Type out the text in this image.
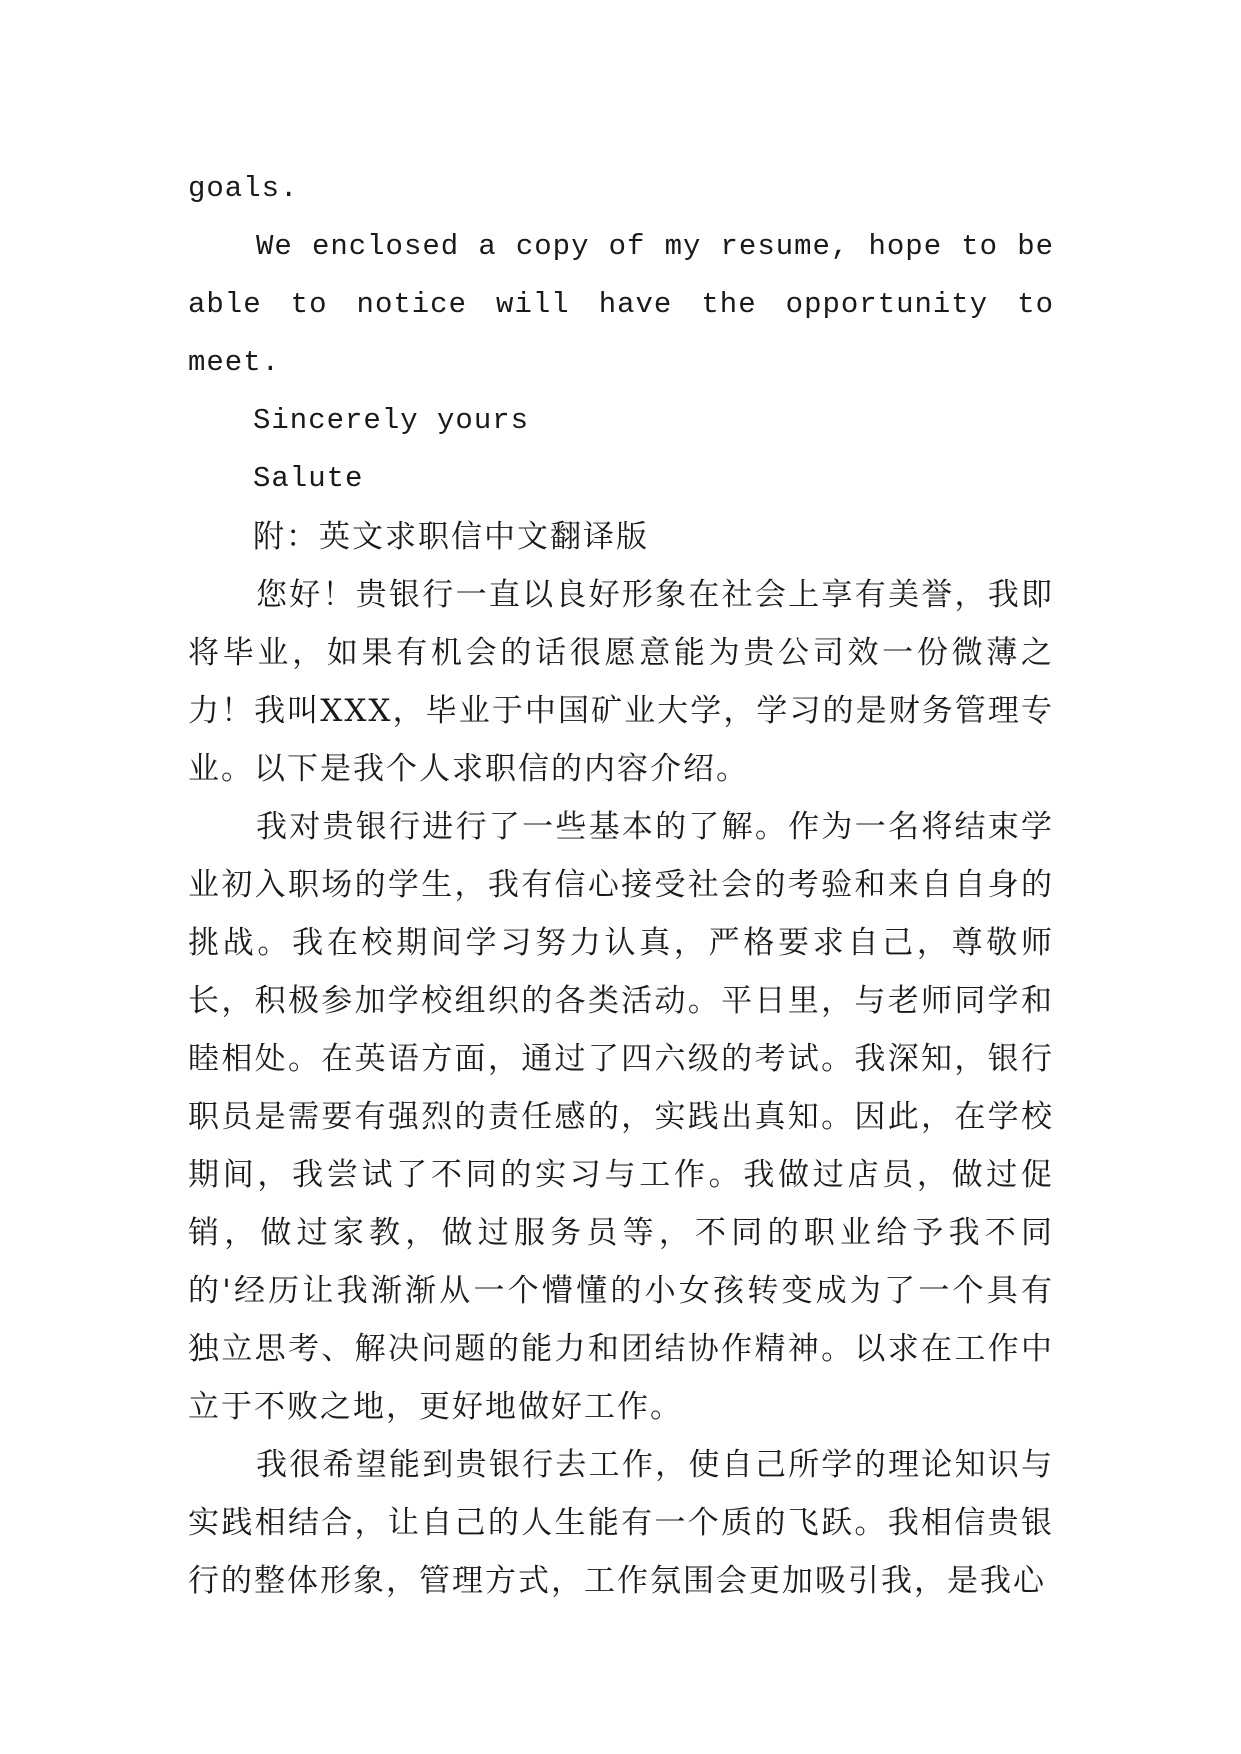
goals.

We enclosed a copy of my resume, hope to be able to notice will have the opportunity to meet.

Sincerely yours

Salute

附：英文求职信中文翻译版

您好！贵银行一直以良好形象在社会上享有美誉，我即将毕业，如果有机会的话很愿意能为贵公司效一份微薄之力！我叫XXX，毕业于中国矿业大学，学习的是财务管理专业。以下是我个人求职信的内容介绍。

我对贵银行进行了一些基本的了解。作为一名将结束学业初入职场的学生，我有信心接受社会的考验和来自自身的挑战。我在校期间学习努力认真，严格要求自己，尊敬师长，积极参加学校组织的各类活动。平日里，与老师同学和睦相处。在英语方面，通过了四六级的考试。我深知，银行职员是需要有强烈的责任感的，实践出真知。因此，在学校期间，我尝试了不同的实习与工作。我做过店员，做过促销，做过家教，做过服务员等，不同的职业给予我不同的'经历让我渐渐从一个懵懂的小女孩转变成为了一个具有独立思考、解决问题的能力和团结协作精神。以求在工作中立于不败之地，更好地做好工作。

我很希望能到贵银行去工作，使自己所学的理论知识与实践相结合，让自己的人生能有一个质的飞跃。我相信贵银行的整体形象，管理方式，工作氛围会更加吸引我，是我心
